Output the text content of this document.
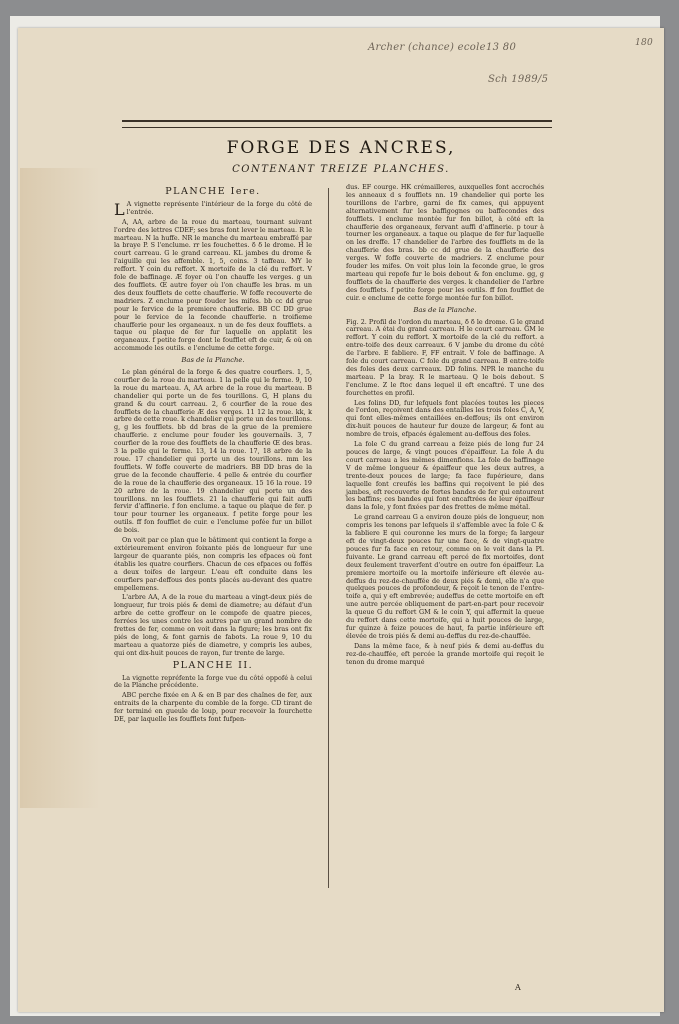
Archer (chance) ecole 13 80	180
Sch 1989/5
FORGE DES ANCRES,
CONTENANT TREIZE PLANCHES.
PLANCHE Iere.

L A vignette représente l'intérieur de la forge du côté de l'entrée.

A, AA, arbre de la roue du marteau, tournant suivant l'ordre des lettres CDEF; ses bras font lever le marteau. R le marteau. N la huffe. NR le manche du marteau embraffé par la braye P. S l'enclume. rr les fouchettes. δ δ le drome. H le court carreau. G le grand carreau. KL jambes du drome & l'aiguille qui les affemble. 1, 5, coins. 3 taffeau. MY le reffort. Y coin du reffort. X mortoife de la clé du reffort. V fole de baffinage. Æ foyer où l'on chauffe les verges. g un des foufflets. Œ autre foyer où l'on chauffe les bras. m un des deux foufflets de cette chaufferie. W foffe recouverte de madriers. Z enclume pour fouder les mifes. bb cc dd grue pour le fervice de la premiere chaufferie. BB CC DD grue pour le fervice de la feconde chaufferie. n troifieme chaufferie pour les organeaux. n un de fes deux foufflets. a taque ou plaque de fer fur laquelle on applatit les organeaux. f petite forge dont le foufflet eft de cuir, & où on accommode les outils. e l'enclume de cette forge.

Bas de la Planche.

Le plan général de la forge & des quatre courfiers. 1, 5, courfier de la roue du marteau. 1 la pelle qui le ferme. 9, 10 la roue du marteau. A, AA arbre de la roue du marteau. B chandelier qui porte un de fes tourillons. G, H plans du grand & du court carreau. 2, 6 courfier de la roue des foufflets de la chaufferie Æ des verges. 11 12 la roue. kk, k arbre de cette roue. k chandelier qui porte un des tourillons. g, g les foufflets. bb dd bras de la grue de la premiere chaufferie. z enclume pour fouder les gouvernails. 3, 7 courfier de la roue des foufflets de la chaufferie Œ des bras. 3 la pelle qui le ferme. 13, 14 la roue. 17, 18 arbre de la roue. 17 chandelier qui porte un des tourillons. mm les foufflets. W foffe couverte de madriers. BB DD bras de la grue de la feconde chaufferie. 4 pelle & entrée du courfier de la roue de la chaufferie des organeaux. 15 16 la roue. 19 20 arbre de la roue. 19 chandelier qui porte un des tourillons. nn les foufflets. 21 la chaufferie qui fait auffi fervir d'affinerie. f fon enclume. a taque ou plaque de fer. p tour pour tourner les organeaux. f petite forge pour les outils. ff fon foufflet de cuir. e l'enclume pofée fur un billot de bois.

On voit par ce plan que le bâtiment qui contient la forge a extérieurement environ foixante piés de longueur fur une largeur de quarante piés, non compris les efpaces où font établis les quatre courfiers. Chacun de ces efpaces ou foffés a deux toifes de largeur. L'eau eft conduite dans les courfiers par-deffous des ponts placés au-devant des quatre empellemens.

L'arbre AA, A de la roue du marteau a vingt-deux piés de longueur, fur trois piés & demi de diametre; au défaut d'un arbre de cette groffeur on le compofe de quatre pieces, ferrées les unes contre les autres par un grand nombre de frettes de fer, comme on voit dans la figure; les bras ont fix piés de long, & font garnis de fabots. La roue 9, 10 du marteau a quatorze piés de diametre, y compris les aubes, qui ont dix-huit pouces de rayon, fur trente de large.

PLANCHE II.

La vignette repréfente la forge vue du côté oppofé à celui de la Planche précédente.

ABC perche fixée en A & en B par des chaînes de fer, aux entraits de la charpente du comble de la forge. CD tirant de fer terminé en gueule de loup, pour recevoir la fourchette DE, par laquelle les foufflets font fufpen-

dus. EF courge. HK crémailleres, auxquelles font accrochés les anneaux d s foufflets nn. 19 chandelier qui porte les tourillons de l'arbre, garni de fix cames, qui appuyent alternativement fur les baffigognes ou baffecondes des foufflets. l enclume montée fur fon billot, à côté eft la chaufferie des organeaux, fervant auffi d'affinerie. p tour à tourner les organeaux. a taque ou plaque de fer fur laquelle on les dreffe. 17 chandelier de l'arbre des foufflets m de la chaufferie des bras. bb cc dd grue de la chaufferie des verges. W foffe couverte de madriers. Z enclume pour fouder les mifes. On voit plus loin la feconde grue, le gros marteau qui repofe fur le bois debout & fon enclume. gg, g foufflets de la chaufferie des verges. k chandelier de l'arbre des foufflets. f petite forge pour les outils. ff fon foufflet de cuir. e enclume de cette forge montée fur fon billot.

Bas de la Planche.

Fig. 2. Profil de l'ordon du marteau, δ δ le drome. G le grand carreau. A étai du grand carreau. H le court carreau. GM le reffort. Y coin du reffort. X mortoife de la clé du reffort. a entre-toife des deux carreaux. 6 V jambe du drome du côté de l'arbre. E fabliere. F, FF entrait. V fole de baffinage. A fole du court carreau. C fole du grand carreau. B entre-toife des foles des deux carreaux. DD folins. NPR le manche du marteau. P la bray. R le marteau. Q le bois debout. S l'enclume. Z le ftoc dans lequel il eft encaftré. T une des fourchettes en profil.

Les folins DD, fur lefquels font placées toutes les pieces de l'ordon, reçoivent dans des entailles les trois foles C, A, V, qui font elles-mêmes entaillées en-deffous; ils ont environ dix-huit pouces de hauteur fur douze de largeur, & font au nombre de trois, efpacés également au-deffous des foles.

La fole C du grand carreau a feize piés de long fur 24 pouces de large, & vingt pouces d'épaiffeur. La fole A du court carreau a les mêmes dimenfions. La fole de baffinage V de même longueur & épaiffeur que les deux autres, a trente-deux pouces de large; fa face fupérieure, dans laquelle font creufés les baffins qui reçoivent le pié des jambes, eft recouverte de fortes bandes de fer qui entourent les baffins; ces bandes qui font encaftrées de leur épaiffeur dans la fole, y font fixées par des frettes de même métal.

Le grand carreau G a environ douze piés de longueur, non compris les tenons par lefquels il s'affemble avec la fole C & la fabliere E qui couronne les murs de la forge; fa largeur eft de vingt-deux pouces fur une face, & de vingt-quatre pouces fur fa face en retour, comme on le voit dans la Pl. fuivante. Le grand carreau eft percé de fix mortoifes, dont deux feulement traverfent d'outre en outre fon épaiffeur. La premiere mortoife ou la mortoife inférieure eft élevée au-deffus du rez-de-chauffée de deux piés & demi, elle n'a que quelques pouces de profondeur, & reçoit le tenon de l'entre-toife a, qui y eft embrevée; audeffus de cette mortoife en eft une autre percée obliquement de part-en-part pour recevoir la queue G du reffort GM & le coin Y, qui affermit la queue du reffort dans cette mortoife, qui a huit pouces de large, fur quinze à feize pouces de haut, fa partie inférieure eft élevée de trois piés & demi au-deffus du rez-de-chauffée.

Dans la même face, & à neuf piés & demi au-deffus du rez-de-chauffée, eft percée la grande mortoife qui reçoit le tenon du drome marqué

A
